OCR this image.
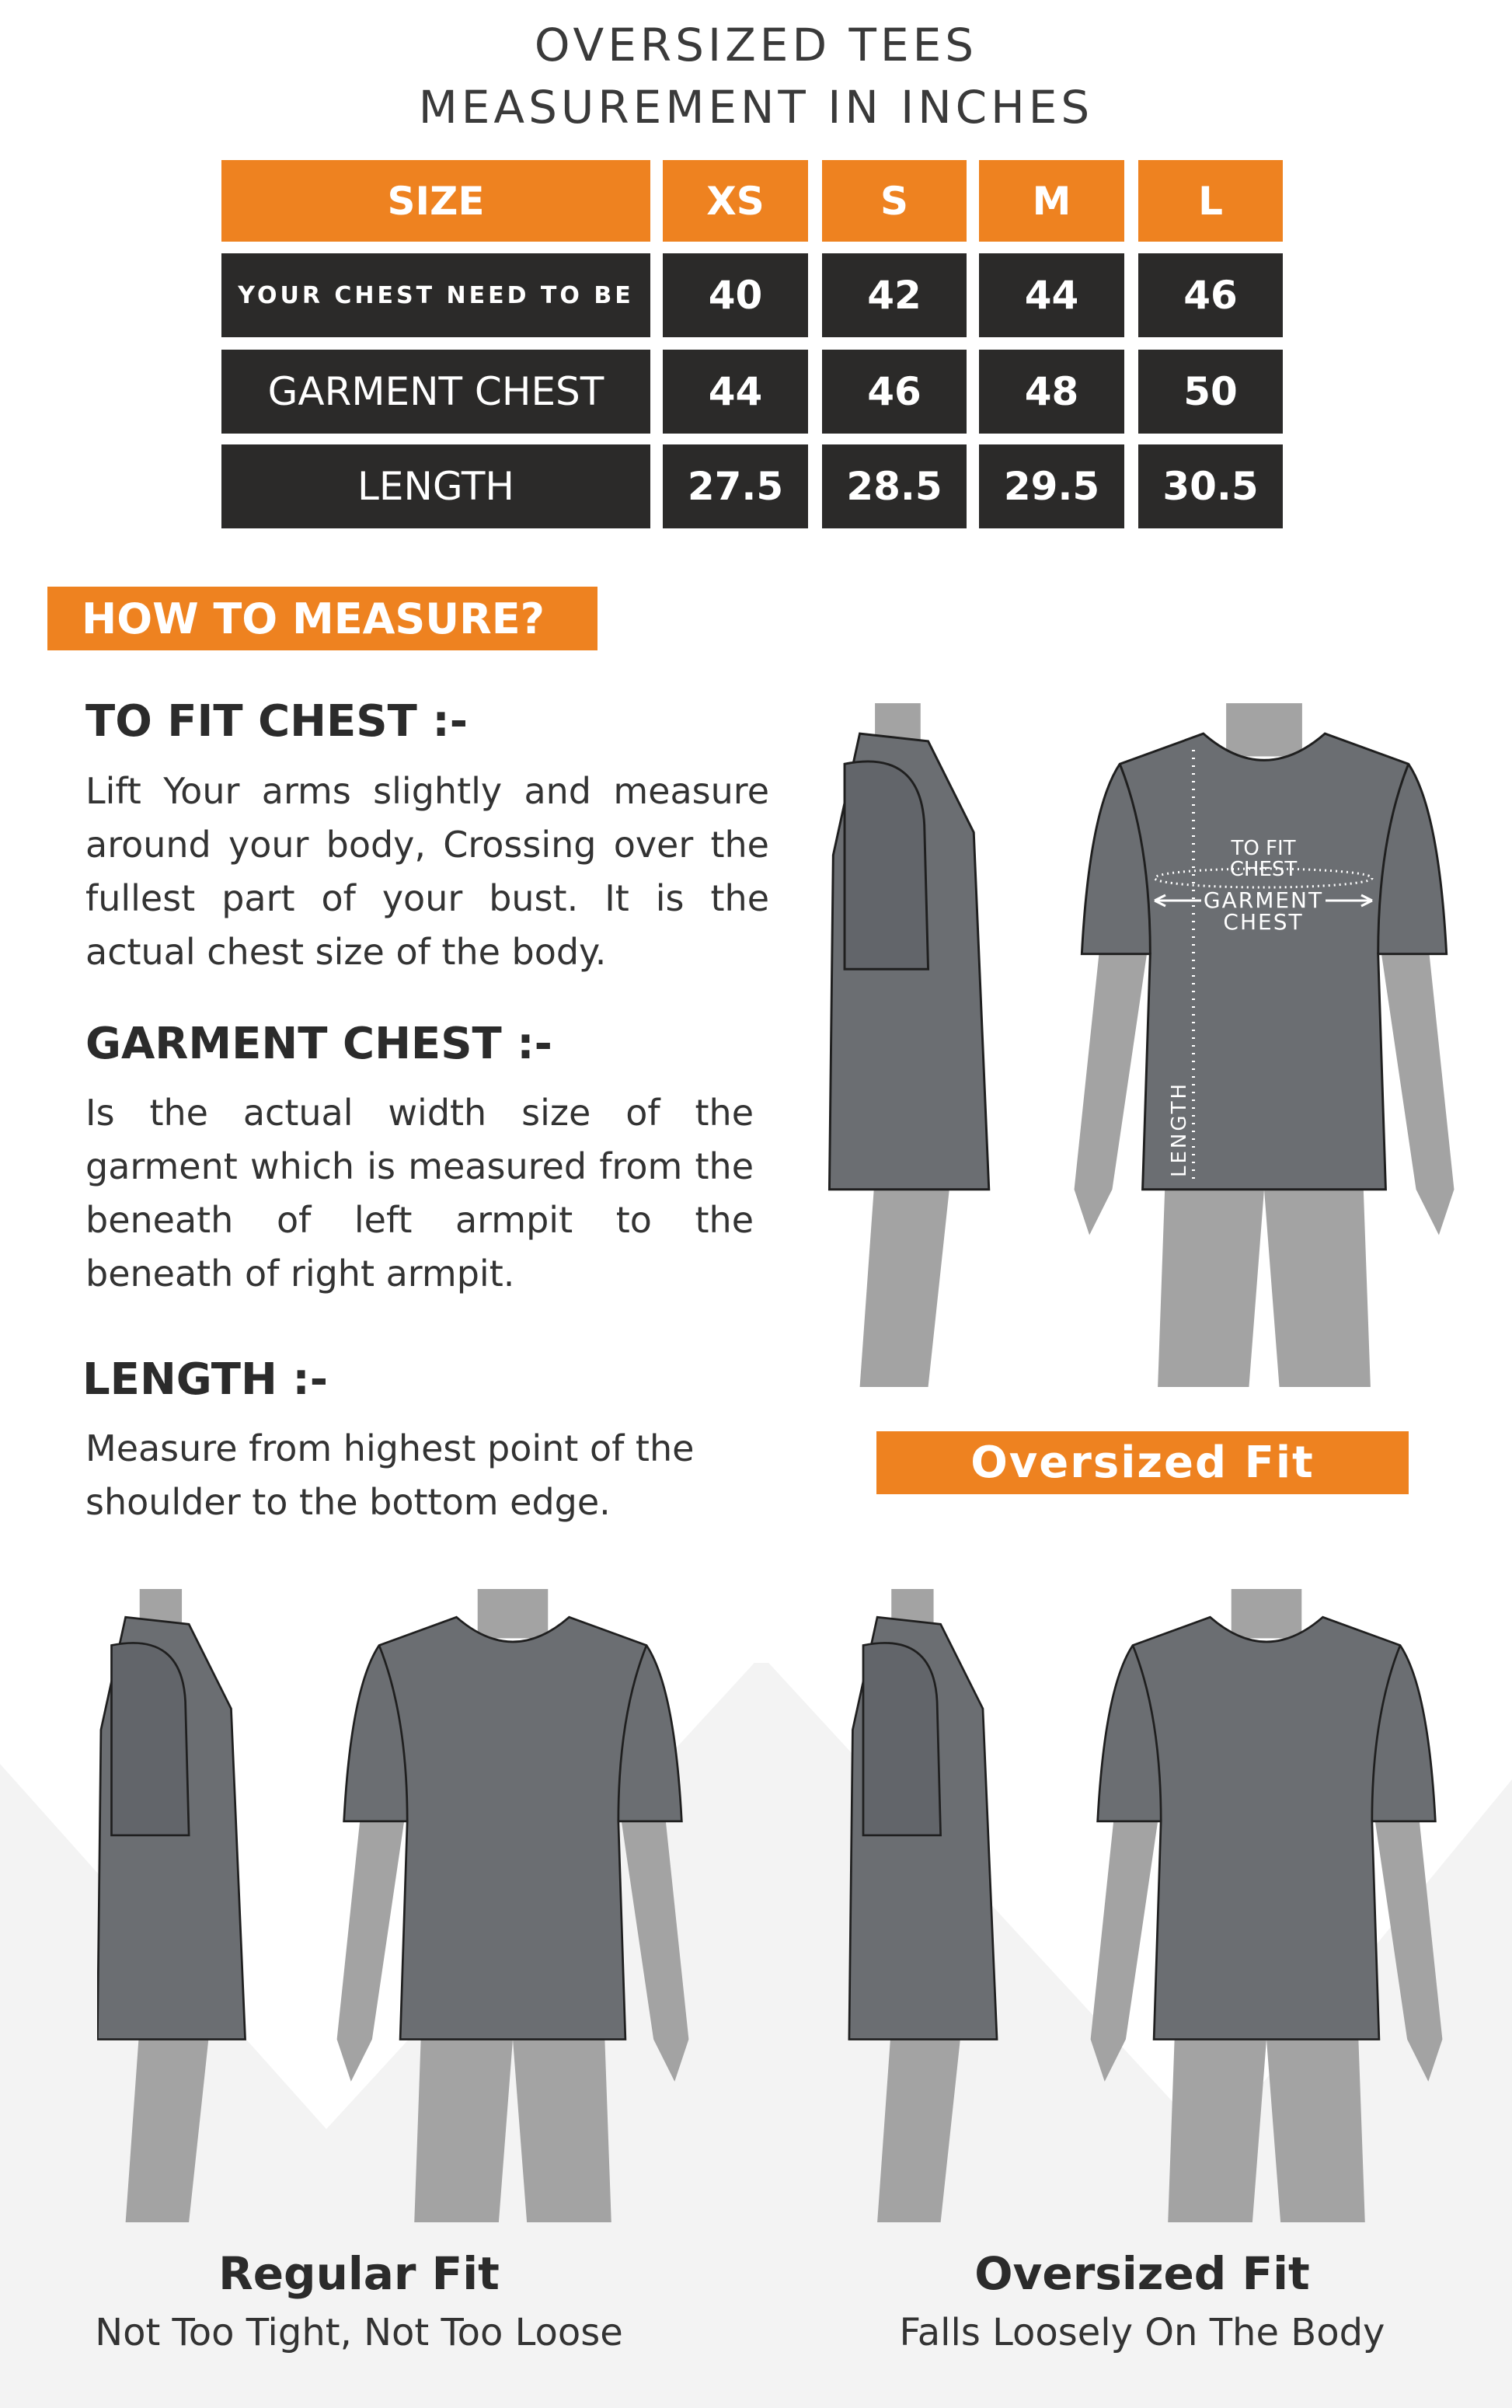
OVERSIZED TEES
MEASUREMENT IN INCHES
SIZE	XS	S	M	L
YOUR CHEST NEED TO BE	40	42	44	46
GARMENT CHEST	44	46	48	50
LENGTH	27.5	28.5	29.5	30.5
HOW TO MEASURE?
TO FIT CHEST :-
Lift Your arms slightly and measure around your body, Crossing over the fullest part of your bust. It is the actual chest size of the body.
GARMENT CHEST :-
Is the actual width size of the garment which is measured from the beneath of left armpit to the beneath of right armpit.
LENGTH :-
Measure from highest point of the shoulder to the bottom edge.
TO FIT
CHEST
GARMENT
CHEST
LENGTH
Oversized Fit
Regular Fit
Not Too Tight, Not Too Loose
Oversized Fit
Falls Loosely On The Body
